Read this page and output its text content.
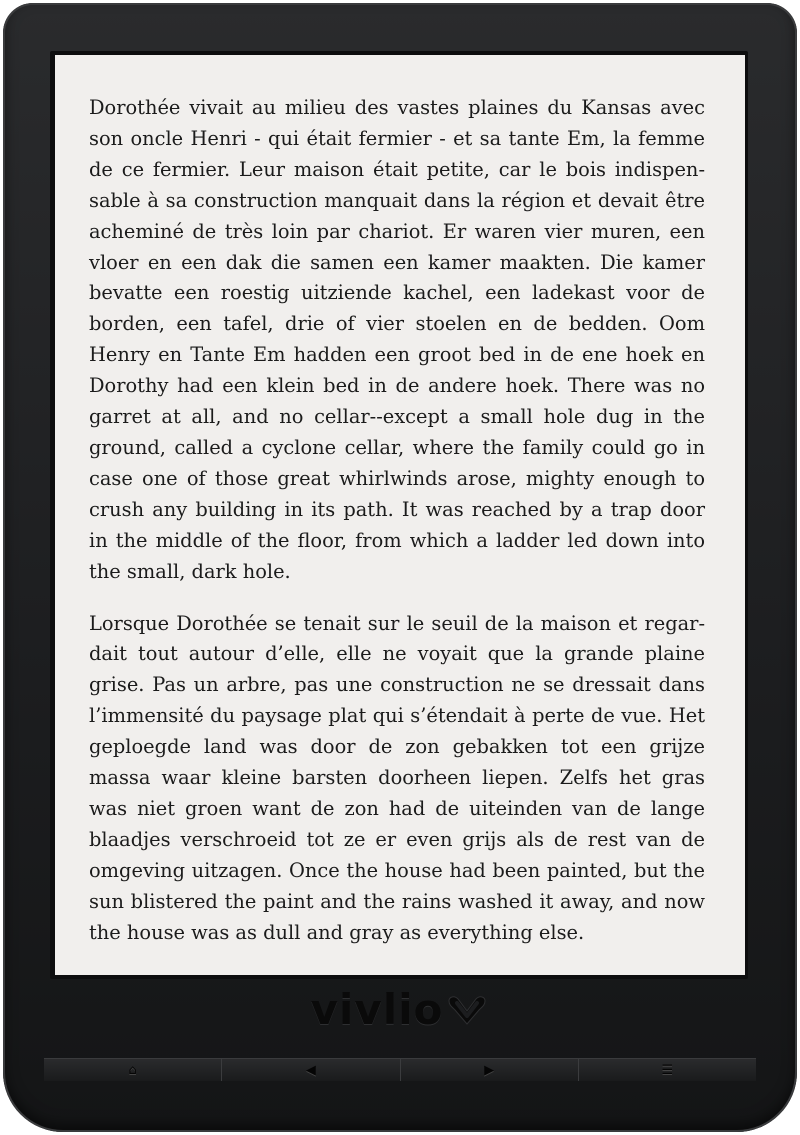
Dorothée vivait au milieu des vastes plaines du Kansas avec son oncle Henri - qui était fermier - et sa tante Em, la femme de ce fermier. Leur maison était petite, car le bois indispensable à sa construction manquait dans la région et devait être acheminé de très loin par chariot. Er waren vier muren, een vloer en een dak die samen een kamer maakten. Die kamer bevatte een roestig uitziende kachel, een ladekast voor de borden, een tafel, drie of vier stoelen en de bedden. Oom Henry en Tante Em hadden een groot bed in de ene hoek en Dorothy had een klein bed in de andere hoek. There was no garret at all, and no cellar--except a small hole dug in the ground, called a cyclone cellar, where the family could go in case one of those great whirlwinds arose, mighty enough to crush any building in its path. It was reached by a trap door in the middle of the floor, from which a ladder led down into the small, dark hole.

Lorsque Dorothée se tenait sur le seuil de la maison et regardait tout autour d’elle, elle ne voyait que la grande plaine grise. Pas un arbre, pas une construction ne se dressait dans l’immensité du paysage plat qui s’étendait à perte de vue. Het geploegde land was door de zon gebakken tot een grijze massa waar kleine barsten doorheen liepen. Zelfs het gras was niet groen want de zon had de uiteinden van de lange blaadjes verschroeid tot ze er even grijs als de rest van de omgeving uitzagen. Once the house had been painted, but the sun blistered the paint and the rains washed it away, and now the house was as dull and gray as everything else.

vivlio
⌂	◀	▶	☰
